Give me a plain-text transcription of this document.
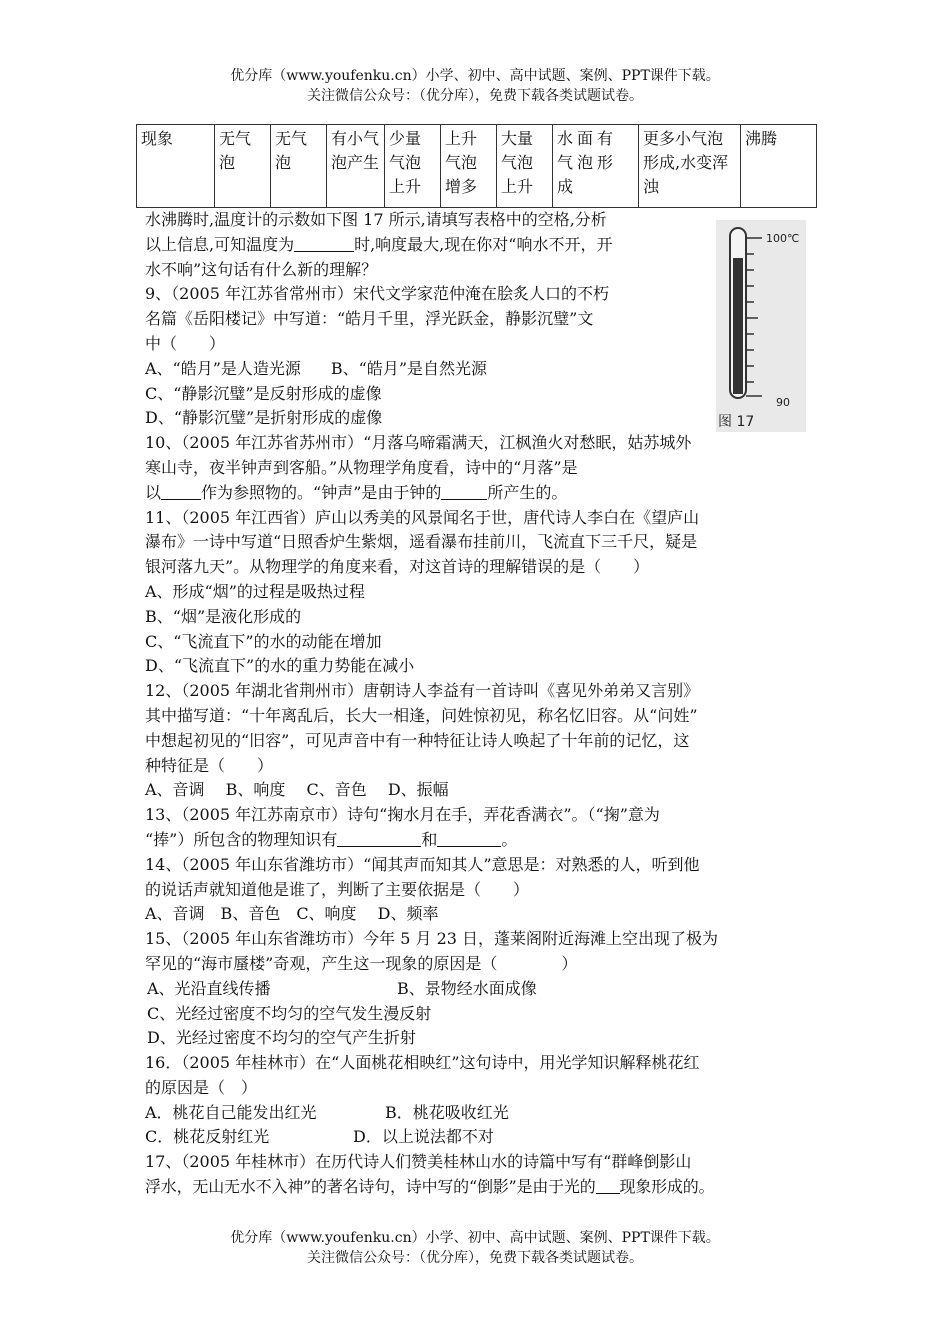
优分库（www.youfenku.cn）小学、初中、高中试题、案例、PPT课件下载。
关注微信公众号：（优分库），免费下载各类试题试卷。
现象	无气泡	无气泡	有小气泡产生	少量气泡上升	上升气泡增多	大量气泡上升	水面有气泡形成	更多小气泡形成,水变浑浊	沸腾
100℃
90
图 17

水沸腾时,温度计的示数如下图 17 所示,请填写表格中的空格,分析

以上信息,可知温度为	时,响度最大,现在你对“响水不开，开

水不响”这句话有什么新的理解？

9、（2005 年江苏省常州市）宋代文学家范仲淹在脍炙人口的不朽

名篇《岳阳楼记》中写道：“皓月千里，浮光跃金，静影沉璧”文

中（　　）

A、“皓月”是人造光源 B、“皓月”是自然光源

C、“静影沉璧”是反射形成的虚像

D、“静影沉璧”是折射形成的虚像

10、（2005 年江苏省苏州市）“月落乌啼霜满天，江枫渔火对愁眠，姑苏城外

寒山寺，夜半钟声到客船。”从物理学角度看，诗中的“月落”是

以	作为参照物的。“钟声”是由于钟的	所产生的。

11、（2005 年江西省）庐山以秀美的风景闻名于世，唐代诗人李白在《望庐山

瀑布》一诗中写道“日照香炉生紫烟，遥看瀑布挂前川，飞流直下三千尺，疑是

银河落九天”。从物理学的角度来看，对这首诗的理解错误的是（　　）

A、形成“烟”的过程是吸热过程

B、“烟”是液化形成的

C、“飞流直下”的水的动能在增加

D、“飞流直下”的水的重力势能在减小

12、（2005 年湖北省荆州市）唐朝诗人李益有一首诗叫《喜见外弟弟又言别》

其中描写道：“十年离乱后，长大一相逢，问姓惊初见，称名忆旧容。从“问姓”

中想起初见的“旧容”，可见声音中有一种特征让诗人唤起了十年前的记忆，这

种特征是（　　）

A、音调　 B、响度　 C、音色　 D、振幅

13、（2005 年江苏南京市）诗句“掬水月在手，弄花香满衣”。（“掬”意为

“捧”）所包含的物理知识有	和	。

14、（2005 年山东省潍坊市）“闻其声而知其人”意思是：对熟悉的人，听到他

的说话声就知道他是谁了，判断了主要依据是（　　）

A、音调　B、音色　C、响度　 D、频率

15、（2005 年山东省潍坊市）今年 5 月 23 日，蓬莱阁附近海滩上空出现了极为

罕见的“海市蜃楼”奇观，产生这一现象的原因是（　　　　）

A、光沿直线传播	B、景物经水面成像

C、光经过密度不均匀的空气发生漫反射

D、光经过密度不均匀的空气产生折射

16．（2005 年桂林市）在“人面桃花相映红”这句诗中，用光学知识解释桃花红

的原因是（　）

A．桃花自己能发出红光	B．桃花吸收红光

C．桃花反射红光	D．以上说法都不对

17、（2005 年桂林市）在历代诗人们赞美桂林山水的诗篇中写有“群峰倒影山

浮水，无山无水不入神”的著名诗句，诗中写的“倒影”是由于光的 现象形成的。

优分库（www.youfenku.cn）小学、初中、高中试题、案例、PPT课件下载。
关注微信公众号：（优分库），免费下载各类试题试卷。
